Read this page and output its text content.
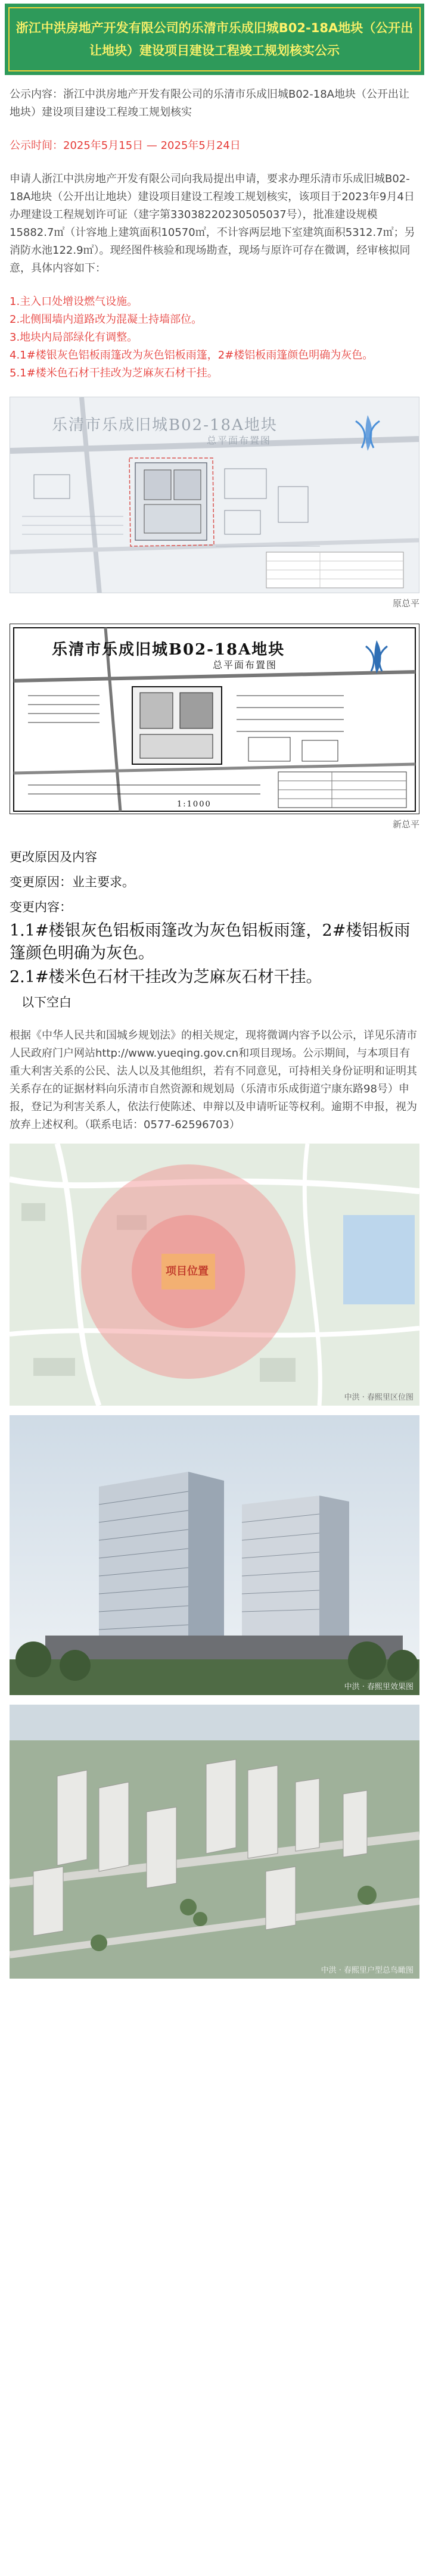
浙江中洪房地产开发有限公司的乐清市乐成旧城B02-18A地块（公开出让地块）建设项目建设工程竣工规划核实公示
公示内容：浙江中洪房地产开发有限公司的乐清市乐成旧城B02-18A地块（公开出让地块）建设项目建设工程竣工规划核实
公示时间：2025年5月15日 — 2025年5月24日
申请人浙江中洪房地产开发有限公司向我局提出申请，要求办理乐清市乐成旧城B02-18A地块（公开出让地块）建设项目建设工程竣工规划核实，该项目于2023年9月4日办理建设工程规划许可证（建字第330382202305050​37号），批准建设规模15882.7㎡（计容地上建筑面积10570㎡，不计容两层地下室建筑面积5312.7㎡；另消防水池122.9㎡）。现经图件核验和现场勘查，现场与原许可存在微调，经审核拟同意，具体内容如下：
1.主入口处增设燃气设施。
2.北侧围墙内道路改为混凝土持墙部位。
3.地块内局部绿化有调整。
4.1#楼银灰色铝板雨篷改为灰色铝板雨篷，2#楼铝板雨篷颜色明确为灰色。
5.1#楼米色石材干挂改为芝麻灰石材干挂。
乐清市乐成旧城B02-18A地块
总平面布置图
原总平
乐清市乐成旧城B02-18A地块
总平面布置图
1:1000
新总平
更改原因及内容
变更原因：业主要求。
变更内容：
1.1#楼银灰色铝板雨篷改为灰色铝板雨篷，2#楼铝板雨篷颜色明确为灰色。
2.1#楼米色石材干挂改为芝麻灰石材干挂。
以下空白
根据《中华人民共和国城乡规划法》的相关规定，现将微调内容予以公示，详见乐清市人民政府门户网站http://www.yueqing.gov.cn和项目现场。公示期间，与本项目有重大利害关系的公民、法人以及其他组织，若有不同意见，可持相关身份证明和证明其关系存在的证据材料向乐清市自然资源和规划局（乐清市乐成街道宁康东路98号）申报，登记为利害关系人，依法行使陈述、申辩以及申请听证等权利。逾期不申报，视为放弃上述权利。（联系电话：0577-62596703）
项目位置
中洪 · 春熙里区位图
中洪 · 春熙里效果图
中洪 · 春熙里户型总鸟瞰图
